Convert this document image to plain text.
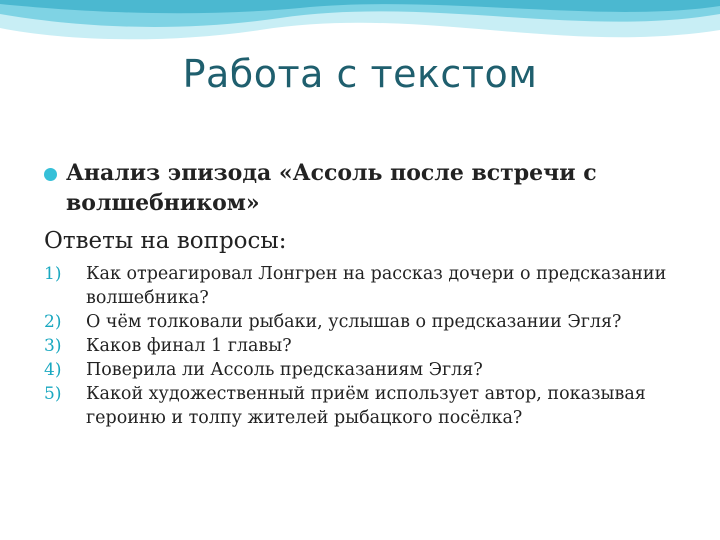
Работа с текстом
Анализ эпизода «Ассоль после встречи с волшебником»
Ответы на вопросы:
1)	Как отреагировал Лонгрен на рассказ дочери о предсказании волшебника?
2)	О чём толковали рыбаки, услышав о предсказании Эгля?
3)	Каков финал 1 главы?
4)	Поверила ли Ассоль предсказаниям Эгля?
5)	Какой художественный приём использует автор, показывая героиню и толпу жителей рыбацкого посёлка?
